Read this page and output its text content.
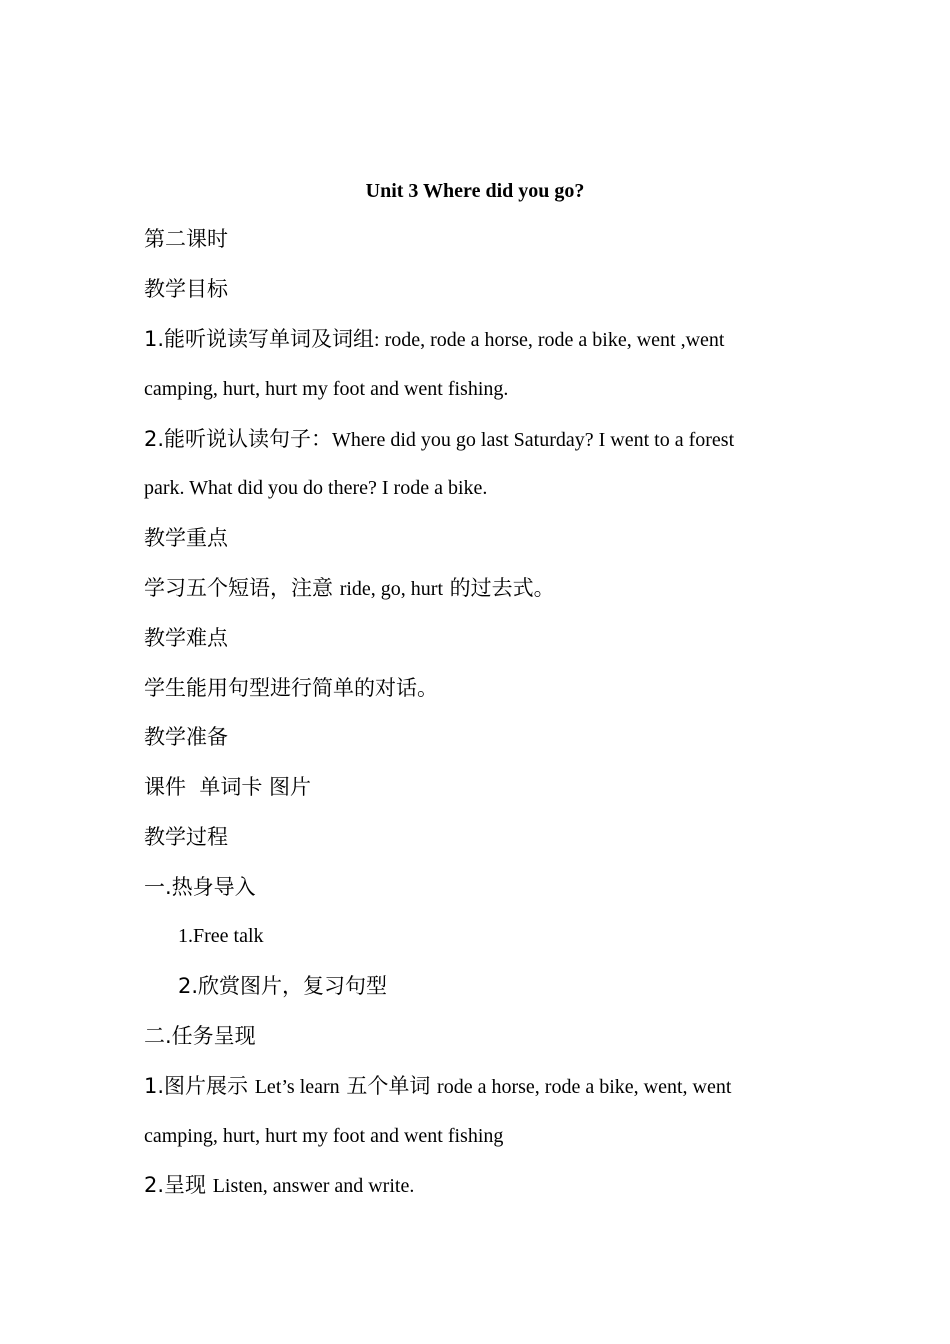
Unit 3 Where did you go?
第二课时
教学目标
1.能听说读写单词及词组: rode, rode a horse, rode a bike, went ,went
camping, hurt, hurt my foot and went fishing.
2.能听说认读句子：Where did you go last Saturday? I went to a forest
park. What did you do there? I rode a bike.
教学重点
学习五个短语，注意 ride, go, hurt 的过去式。
教学难点
学生能用句型进行简单的对话。
教学准备
课件  单词卡 图片
教学过程
一.热身导入
1.Free talk
2.欣赏图片，复习句型
二.任务呈现
1.图片展示 Let’s learn 五个单词 rode a horse, rode a bike, went, went
camping, hurt, hurt my foot and went fishing
2.呈现 Listen, answer and write.
